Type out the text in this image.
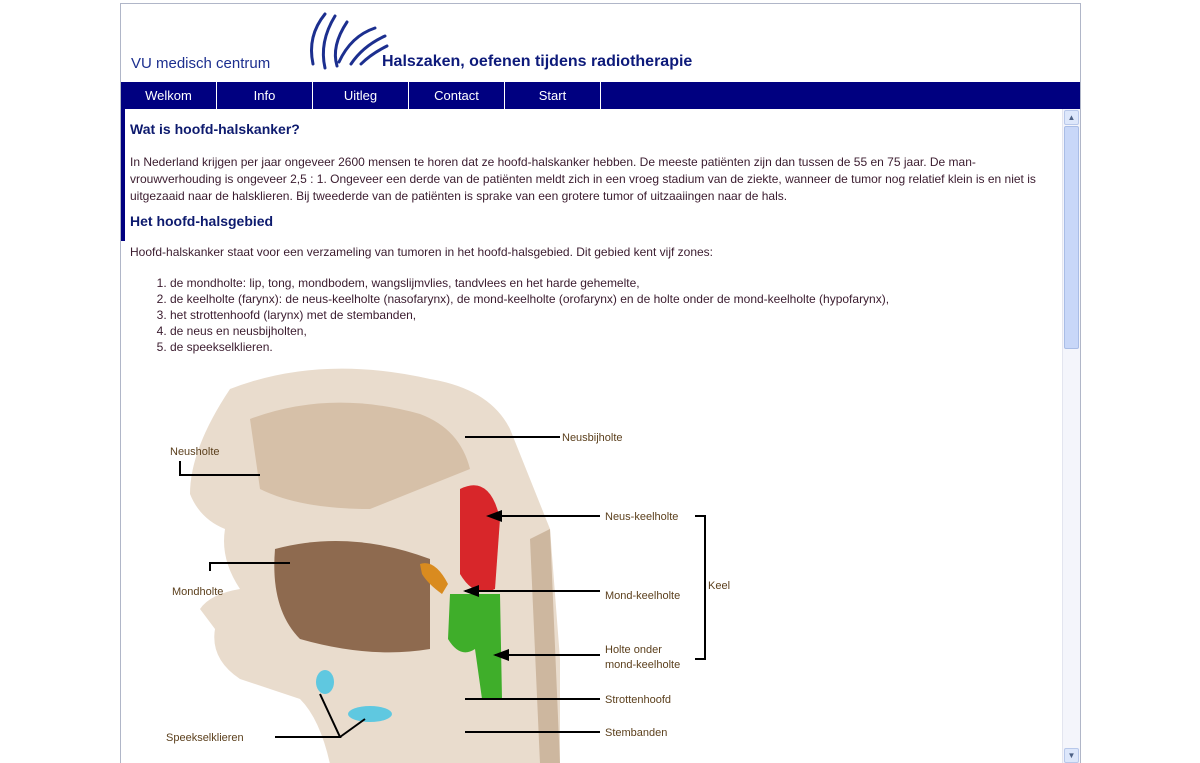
VU medisch centrum	Halszaken, oefenen tijdens radiotherapie
Welkom	Info	Uitleg	Contact	Start
Wat is hoofd-halskanker?

In Nederland krijgen per jaar ongeveer 2600 mensen te horen dat ze hoofd-halskanker hebben. De meeste patiënten zijn dan tussen de 55 en 75 jaar. De man-vrouwverhouding is ongeveer 2,5 : 1. Ongeveer een derde van de patiënten meldt zich in een vroeg stadium van de ziekte, wanneer de tumor nog relatief klein is en niet is uitgezaaid naar de halsklieren. Bij tweederde van de patiënten is sprake van een grotere tumor of uitzaaiingen naar de hals.

Het hoofd-halsgebied

Hoofd-halskanker staat voor een verzameling van tumoren in het hoofd-halsgebied. Dit gebied kent vijf zones:

1. de mondholte: lip, tong, mondbodem, wangslijmvlies, tandvlees en het harde gehemelte,
2. de keelholte (farynx): de neus-keelholte (nasofarynx), de mond-keelholte (orofarynx) en de holte onder de mond-keelholte (hypofarynx),
3. het strottenhoofd (larynx) met de stembanden,
4. de neus en neusbijholten,
5. de speekselklieren.
Neusholte
Neusbijholte
Neus-keelholte
Mondholte	Mond-keelholte
Keel
Holte onder
mond-keelholte
Strottenhoofd
Speekselklieren	Stembanden
▲
▼
